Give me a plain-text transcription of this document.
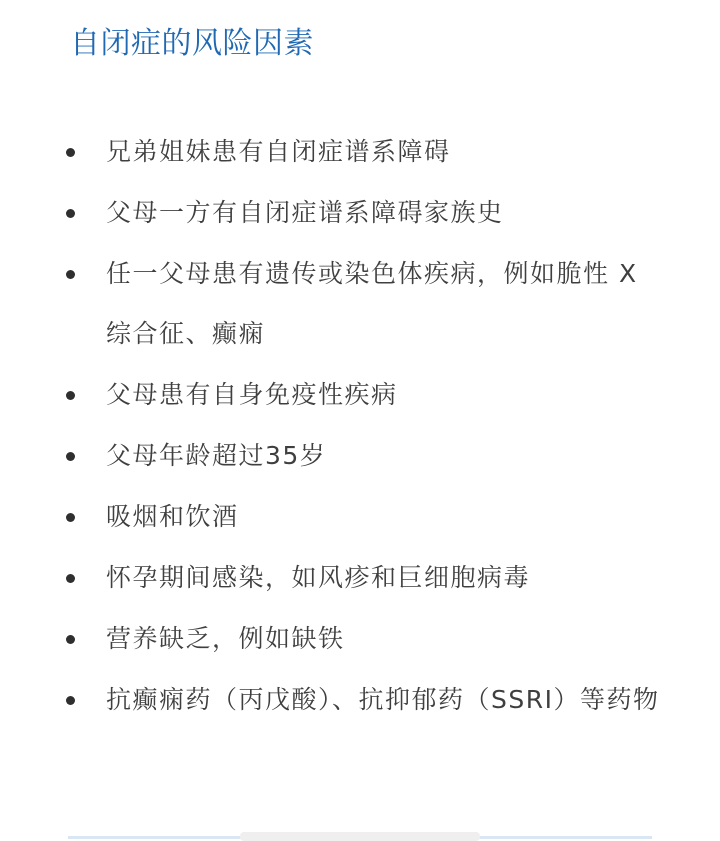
自闭症的风险因素
兄弟姐妹患有自闭症谱系障碍
父母一方有自闭症谱系障碍家族史
任一父母患有遗传或染色体疾病，例如脆性 X 综合征、癫痫
父母患有自身免疫性疾病
父母年龄超过35岁
吸烟和饮酒
怀孕期间感染，如风疹和巨细胞病毒
营养缺乏，例如缺铁
抗癫痫药（丙戊酸）、抗抑郁药（SSRI）等药物
